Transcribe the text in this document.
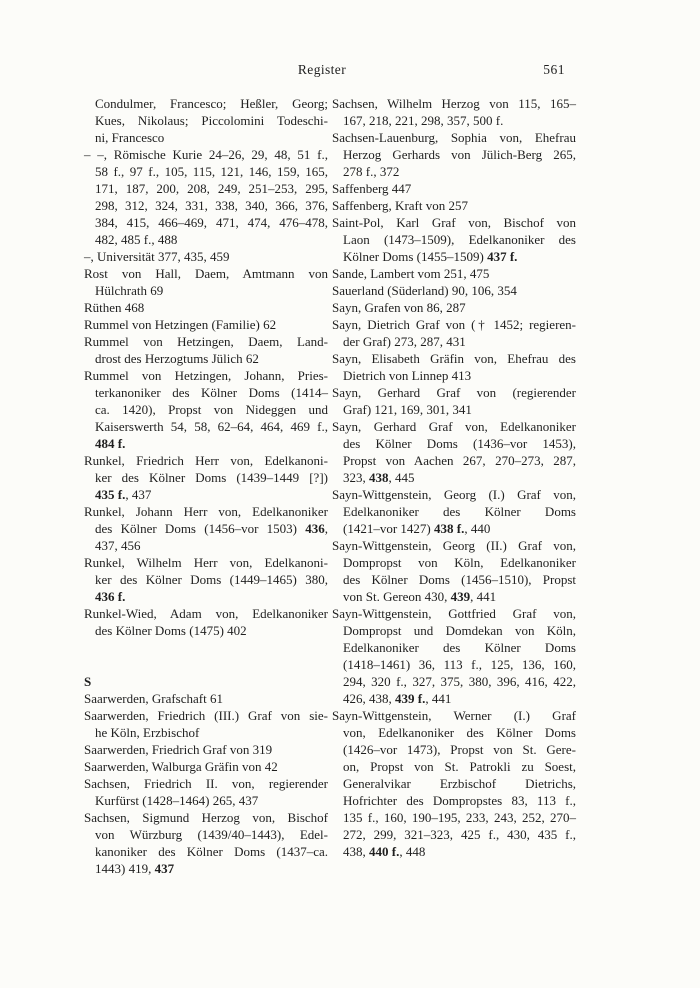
Register	561
Condulmer, Francesco; Heßler, Georg;
Kues, Nikolaus; Piccolomini Todeschi-
ni, Francesco
– –, Römische Kurie 24–26, 29, 48, 51 f.,
58 f., 97 f., 105, 115, 121, 146, 159, 165,
171, 187, 200, 208, 249, 251–253, 295,
298, 312, 324, 331, 338, 340, 366, 376,
384, 415, 466–469, 471, 474, 476–478,
482, 485 f., 488
–, Universität 377, 435, 459
Rost von Hall, Daem, Amtmann von
Hülchrath 69
Rüthen 468
Rummel von Hetzingen (Familie) 62
Rummel von Hetzingen, Daem, Land-
drost des Herzogtums Jülich 62
Rummel von Hetzingen, Johann, Pries-
terkanoniker des Kölner Doms (1414–
ca. 1420), Propst von Nideggen und
Kaiserswerth 54, 58, 62–64, 464, 469 f.,
484 f.
Runkel, Friedrich Herr von, Edelkanoni-
ker des Kölner Doms (1439–1449 [?])
435 f., 437
Runkel, Johann Herr von, Edelkanoniker
des Kölner Doms (1456–vor 1503) 436,
437, 456
Runkel, Wilhelm Herr von, Edelkanoni-
ker des Kölner Doms (1449–1465) 380,
436 f.
Runkel-Wied, Adam von, Edelkanoniker
des Kölner Doms (1475) 402
S
Saarwerden, Grafschaft 61
Saarwerden, Friedrich (III.) Graf von sie-
he Köln, Erzbischof
Saarwerden, Friedrich Graf von 319
Saarwerden, Walburga Gräfin von 42
Sachsen, Friedrich II. von, regierender
Kurfürst (1428–1464) 265, 437
Sachsen, Sigmund Herzog von, Bischof
von Würzburg (1439/40–1443), Edel-
kanoniker des Kölner Doms (1437–ca.
1443) 419, 437
Sachsen, Wilhelm Herzog von 115, 165–
167, 218, 221, 298, 357, 500 f.
Sachsen-Lauenburg, Sophia von, Ehefrau
Herzog Gerhards von Jülich-Berg 265,
278 f., 372
Saffenberg 447
Saffenberg, Kraft von 257
Saint-Pol, Karl Graf von, Bischof von
Laon (1473–1509), Edelkanoniker des
Kölner Doms (1455–1509) 437 f.
Sande, Lambert vom 251, 475
Sauerland (Süderland) 90, 106, 354
Sayn, Grafen von 86, 287
Sayn, Dietrich Graf von († 1452; regieren-
der Graf) 273, 287, 431
Sayn, Elisabeth Gräfin von, Ehefrau des
Dietrich von Linnep 413
Sayn, Gerhard Graf von (regierender
Graf) 121, 169, 301, 341
Sayn, Gerhard Graf von, Edelkanoniker
des Kölner Doms (1436–vor 1453),
Propst von Aachen 267, 270–273, 287,
323, 438, 445
Sayn-Wittgenstein, Georg (I.) Graf von,
Edelkanoniker des Kölner Doms
(1421–vor 1427) 438 f., 440
Sayn-Wittgenstein, Georg (II.) Graf von,
Dompropst von Köln, Edelkanoniker
des Kölner Doms (1456–1510), Propst
von St. Gereon 430, 439, 441
Sayn-Wittgenstein, Gottfried Graf von,
Dompropst und Domdekan von Köln,
Edelkanoniker des Kölner Doms
(1418–1461) 36, 113 f., 125, 136, 160,
294, 320 f., 327, 375, 380, 396, 416, 422,
426, 438, 439 f., 441
Sayn-Wittgenstein, Werner (I.) Graf
von, Edelkanoniker des Kölner Doms
(1426–vor 1473), Propst von St. Gere-
on, Propst von St. Patrokli zu Soest,
Generalvikar Erzbischof Dietrichs,
Hofrichter des Dompropstes 83, 113 f.,
135 f., 160, 190–195, 233, 243, 252, 270–
272, 299, 321–323, 425 f., 430, 435 f.,
438, 440 f., 448
